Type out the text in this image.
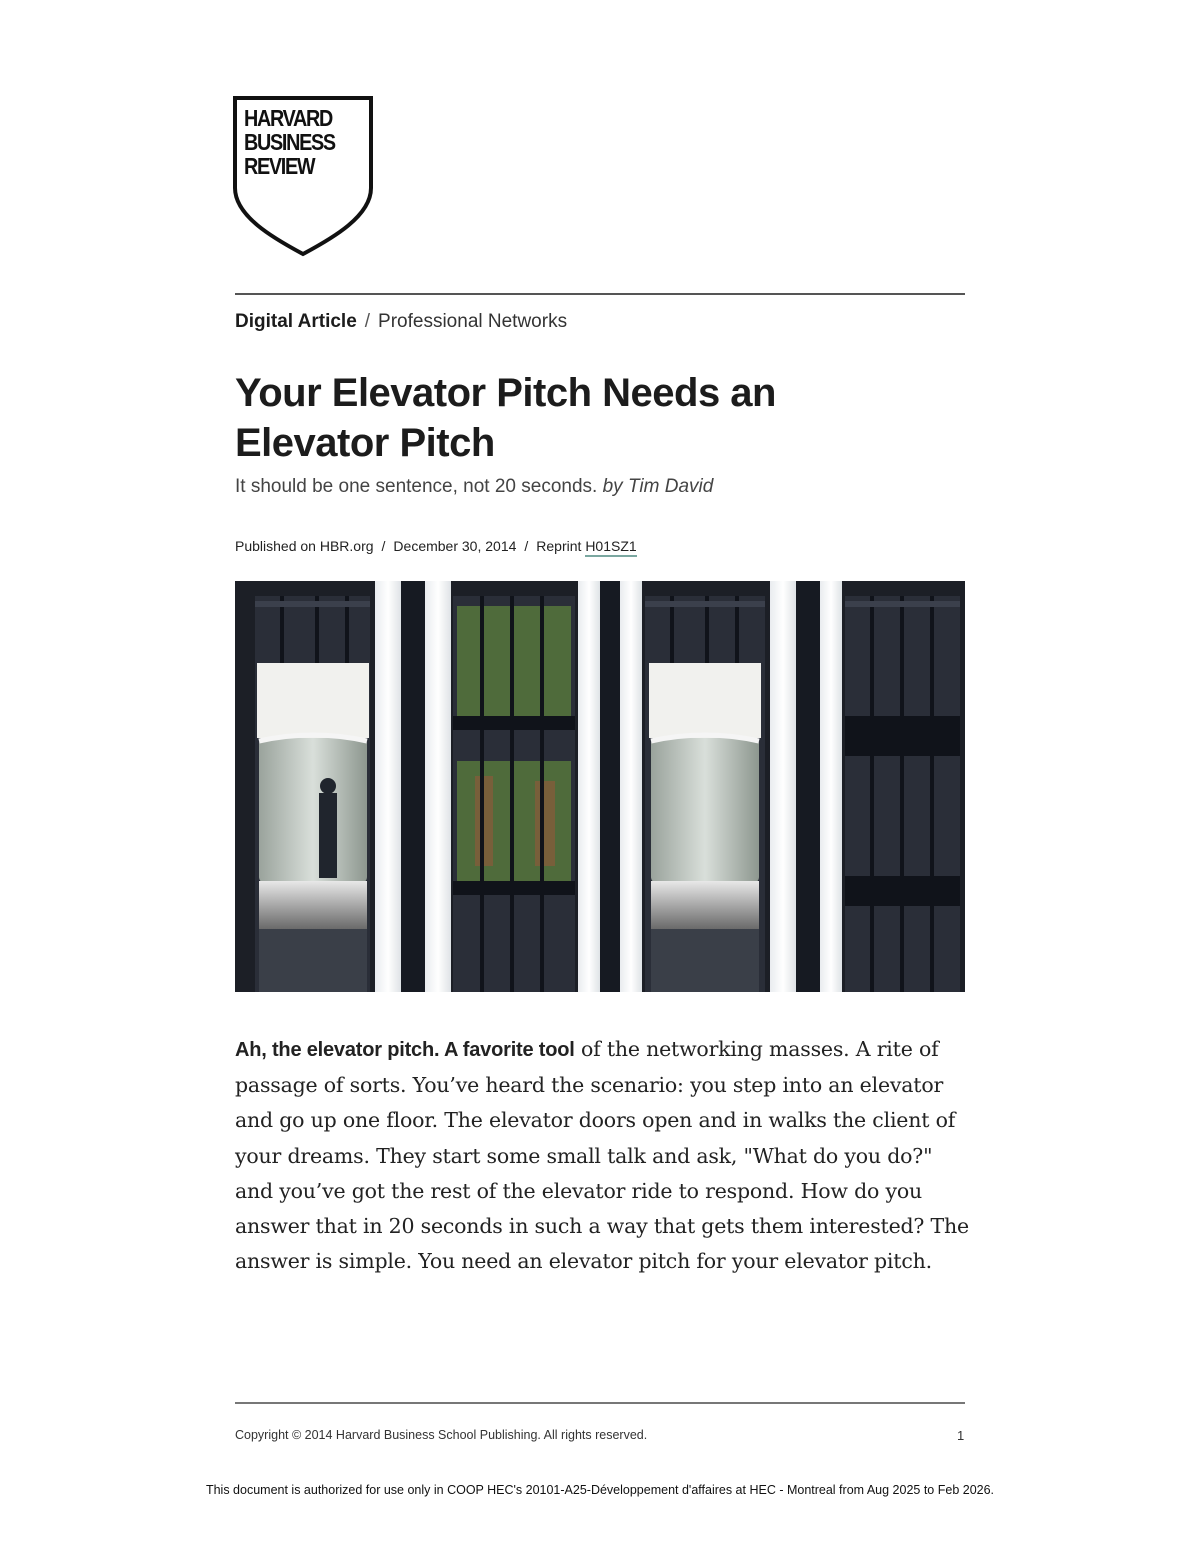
HARVARD
BUSINESS
REVIEW
Digital Article / Professional Networks
Your Elevator Pitch Needs an Elevator Pitch
It should be one sentence, not 20 seconds. by Tim David
Published on HBR.org / December 30, 2014 / Reprint H01SZ1
Ah, the elevator pitch. A favorite tool of the networking masses. A rite of passage of sorts. You’ve heard the scenario: you step into an elevator and go up one floor. The elevator doors open and in walks the client of your dreams. They start some small talk and ask, "What do you do?" and you’ve got the rest of the elevator ride to respond. How do you answer that in 20 seconds in such a way that gets them interested? The answer is simple. You need an elevator pitch for your elevator pitch.
Copyright © 2014 Harvard Business School Publishing. All rights reserved.	1
This document is authorized for use only in COOP HEC's 20101-A25-Développement d'affaires at HEC - Montreal from Aug 2025 to Feb 2026.
